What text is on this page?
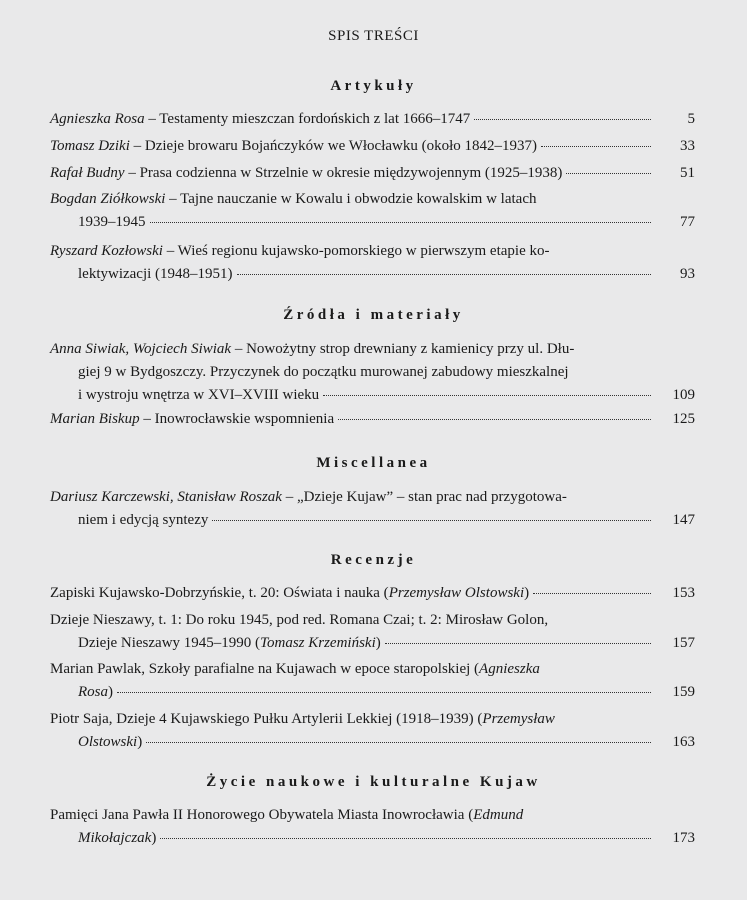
SPIS TREŚCI
Artykuły
Agnieszka Rosa – Testamenty mieszczan fordońskich z lat 1666–1747	5
Tomasz Dziki – Dzieje browaru Bojańczyków we Włocławku (około 1842–1937)	33
Rafał Budny – Prasa codzienna w Strzelnie w okresie międzywojennym (1925–1938)	51
Bogdan Ziółkowski – Tajne nauczanie w Kowalu i obwodzie kowalskim w latach
1939–1945	77
Ryszard Kozłowski – Wieś regionu kujawsko-pomorskiego w pierwszym etapie ko-
lektywizacji (1948–1951)	93
Źródła i materiały
Anna Siwiak, Wojciech Siwiak – Nowożytny strop drewniany z kamienicy przy ul. Dłu-
giej 9 w Bydgoszczy. Przyczynek do początku murowanej zabudowy mieszkalnej
i wystroju wnętrza w XVI–XVIII wieku	109
Marian Biskup – Inowrocławskie wspomnienia	125
Miscellanea
Dariusz Karczewski, Stanisław Roszak – „Dzieje Kujaw” – stan prac nad przygotowa-
niem i edycją syntezy	147
Recenzje
Zapiski Kujawsko-Dobrzyńskie, t. 20: Oświata i nauka (Przemysław Olstowski)	153
Dzieje Nieszawy, t. 1: Do roku 1945, pod red. Romana Czai; t. 2: Mirosław Golon,
Dzieje Nieszawy 1945–1990 (Tomasz Krzemiński)	157
Marian Pawlak, Szkoły parafialne na Kujawach w epoce staropolskiej (Agnieszka
Rosa)	159
Piotr Saja, Dzieje 4 Kujawskiego Pułku Artylerii Lekkiej (1918–1939) (Przemysław
Olstowski)	163
Życie naukowe i kulturalne Kujaw
Pamięci Jana Pawła II Honorowego Obywatela Miasta Inowrocławia (Edmund
Mikołajczak)	173
